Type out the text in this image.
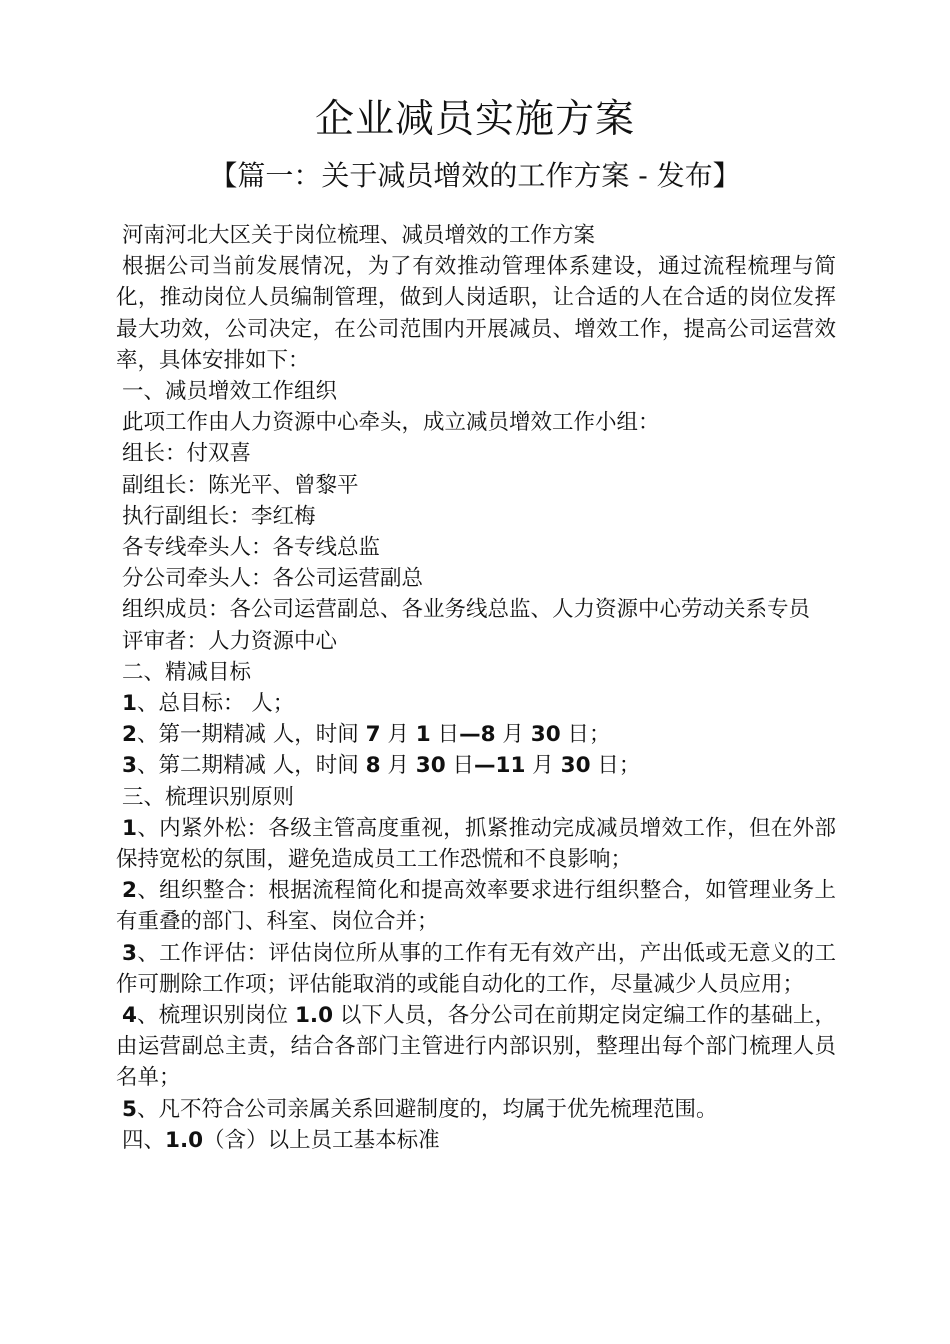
企业减员实施方案
【篇一：关于减员增效的工作方案 - 发布】

河南河北大区关于岗位梳理、减员增效的工作方案

根据公司当前发展情况，为了有效推动管理体系建设，通过流程梳理与简化，推动岗位人员编制管理，做到人岗适职，让合适的人在合适的岗位发挥最大功效，公司决定，在公司范围内开展减员、增效工作，提高公司运营效率，具体安排如下：

一、减员增效工作组织

此项工作由人力资源中心牵头，成立减员增效工作小组：

组长：付双喜

副组长：陈光平、曾黎平

执行副组长：李红梅

各专线牵头人：各专线总监

分公司牵头人：各公司运营副总

组织成员：各公司运营副总、各业务线总监、人力资源中心劳动关系专员

评审者：人力资源中心

二、精减目标

1、总目标： 人；

2、第一期精减 人，时间 7 月 1 日—8 月 30 日；

3、第二期精减 人，时间 8 月 30 日—11 月 30 日；

三、梳理识别原则

1、内紧外松：各级主管高度重视，抓紧推动完成减员增效工作，但在外部保持宽松的氛围，避免造成员工工作恐慌和不良影响；

2、组织整合：根据流程简化和提高效率要求进行组织整合，如管理业务上有重叠的部门、科室、岗位合并；

3、工作评估：评估岗位所从事的工作有无有效产出，产出低或无意义的工作可删除工作项；评估能取消的或能自动化的工作，尽量减少人员应用；

4、梳理识别岗位 1.0 以下人员，各分公司在前期定岗定编工作的基础上，由运营副总主责，结合各部门主管进行内部识别，整理出每个部门梳理人员名单；

5、凡不符合公司亲属关系回避制度的，均属于优先梳理范围。

四、1.0（含）以上员工基本标准
